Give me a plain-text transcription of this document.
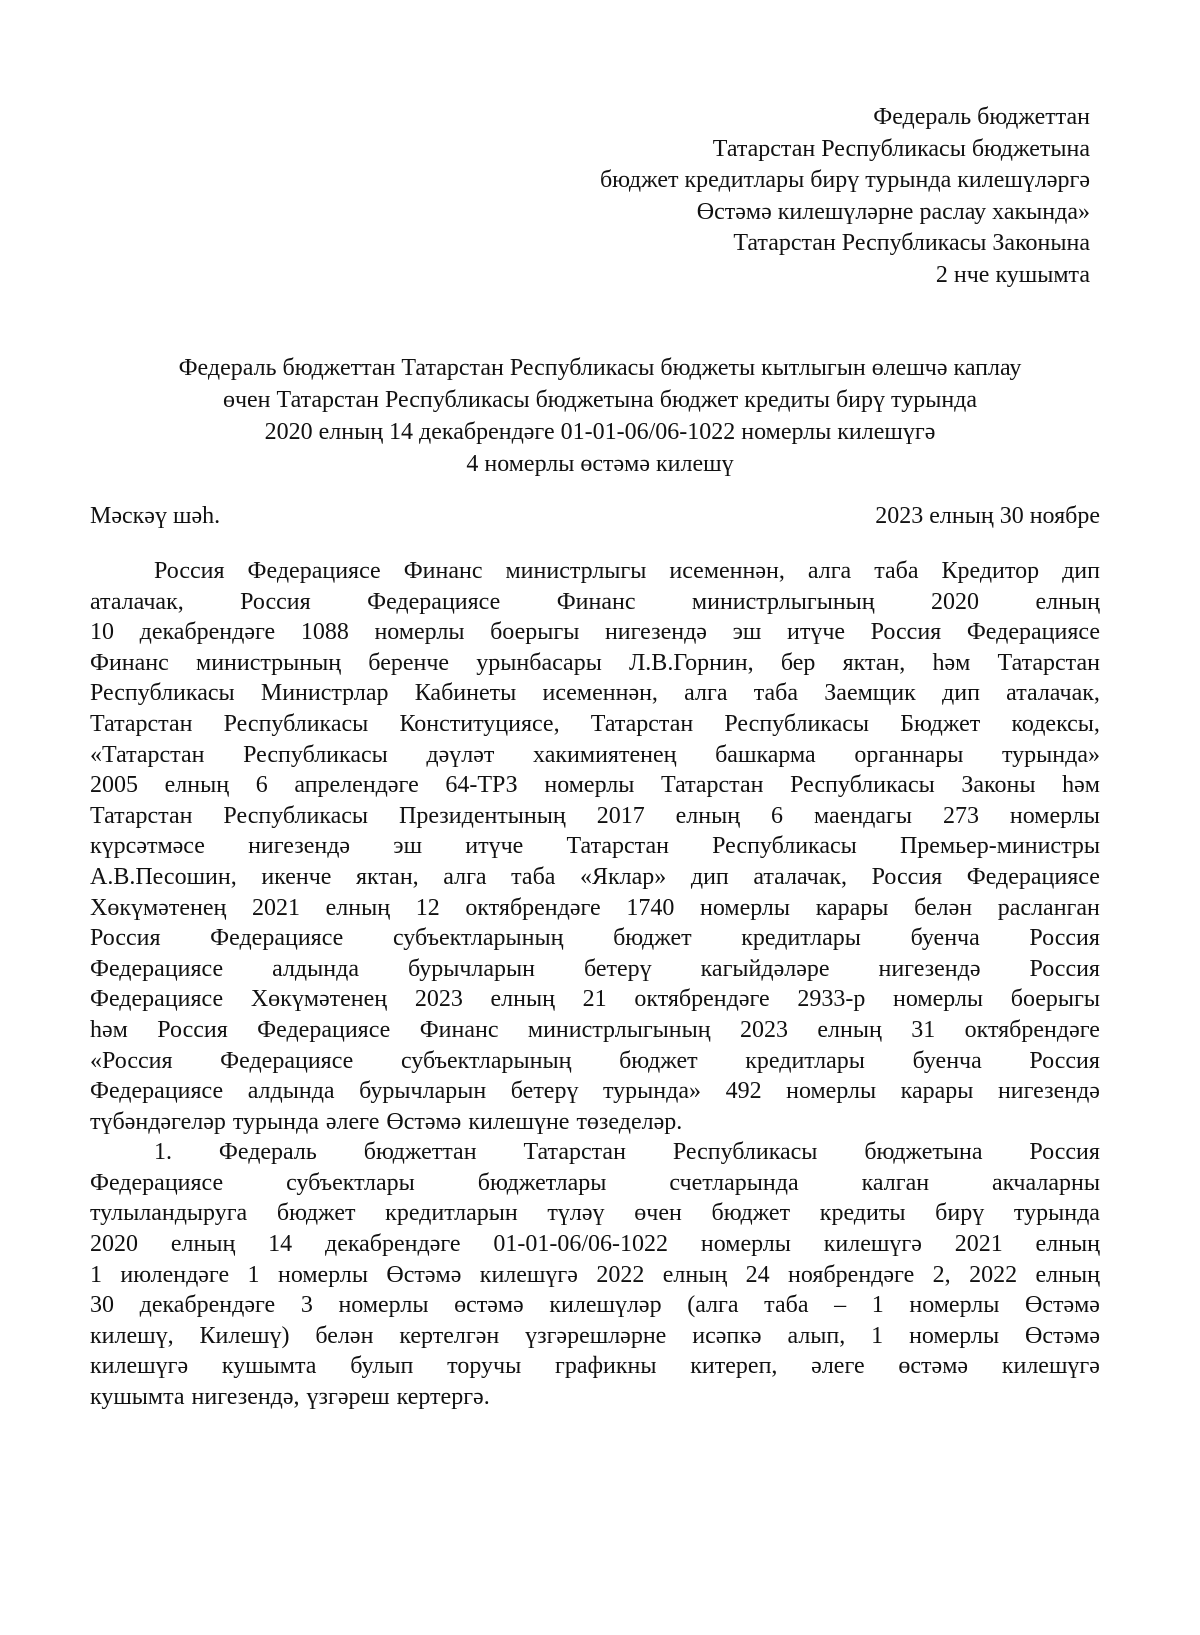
Федераль бюджеттан
Татарстан Республикасы бюджетына
бюджет кредитлары бирү турында килешүләргә
Өстәмә килешүләрне раслау хакында»
Татарстан Республикасы Законына
2 нче кушымта
Федераль бюджеттан Татарстан Республикасы бюджеты кытлыгын өлешчә каплау
өчен Татарстан Республикасы бюджетына бюджет кредиты бирү турында
2020 елның 14 декабрендәге 01-01-06/06-1022 номерлы килешүгә
4 номерлы өстәмә килешү
Мәскәү шәһ.	2023 елның 30 ноябре
Россия Федерациясе Финанс министрлыгы исеменнән, алга таба Кредитор дип
аталачак, Россия Федерациясе Финанс министрлыгының 2020 елның
10 декабрендәге 1088 номерлы боерыгы нигезендә эш итүче Россия Федерациясе
Финанс министрының беренче урынбасары Л.В.Горнин, бер яктан, һәм Татарстан
Республикасы Министрлар Кабинеты исеменнән, алга таба Заемщик дип аталачак,
Татарстан Республикасы Конституциясе, Татарстан Республикасы Бюджет кодексы,
«Татарстан Республикасы дәүләт хакимиятенең башкарма органнары турында»
2005 елның 6 апрелендәге 64-ТРЗ номерлы Татарстан Республикасы Законы һәм
Татарстан Республикасы Президентының 2017 елның 6 маендагы 273 номерлы
күрсәтмәсе нигезендә эш итүче Татарстан Республикасы Премьер-министры
А.В.Песошин, икенче яктан, алга таба «Яклар» дип аталачак, Россия Федерациясе
Хөкүмәтенең 2021 елның 12 октябрендәге 1740 номерлы карары белән расланган
Россия Федерациясе субъектларының бюджет кредитлары буенча Россия
Федерациясе алдында бурычларын бетерү кагыйдәләре нигезендә Россия
Федерациясе Хөкүмәтенең 2023 елның 21 октябрендәге 2933-р номерлы боерыгы
һәм Россия Федерациясе Финанс министрлыгының 2023 елның 31 октябрендәге
«Россия Федерациясе субъектларының бюджет кредитлары буенча Россия
Федерациясе алдында бурычларын бетерү турында» 492 номерлы карары нигезендә
түбәндәгеләр турында әлеге Өстәмә килешүне төзеделәр.
1. Федераль бюджеттан Татарстан Республикасы бюджетына Россия
Федерациясе	субъектлары	бюджетлары	счетларында	калган	акчаларны
тулыландыруга бюджет кредитларын түләү өчен бюджет кредиты бирү турында
2020 елның 14 декабрендәге 01-01-06/06-1022 номерлы килешүгә 2021 елның
1 июлендәге 1 номерлы Өстәмә килешүгә 2022 елның 24 ноябрендәге 2, 2022 елның
30 декабрендәге 3 номерлы өстәмә килешүләр (алга таба – 1 номерлы Өстәмә
килешү, Килешү) белән кертелгән үзгәрешләрне исәпкә алып, 1 номерлы Өстәмә
килешүгә кушымта булып торучы графикны китереп, әлеге өстәмә килешүгә
кушымта нигезендә, үзгәреш кертергә.
